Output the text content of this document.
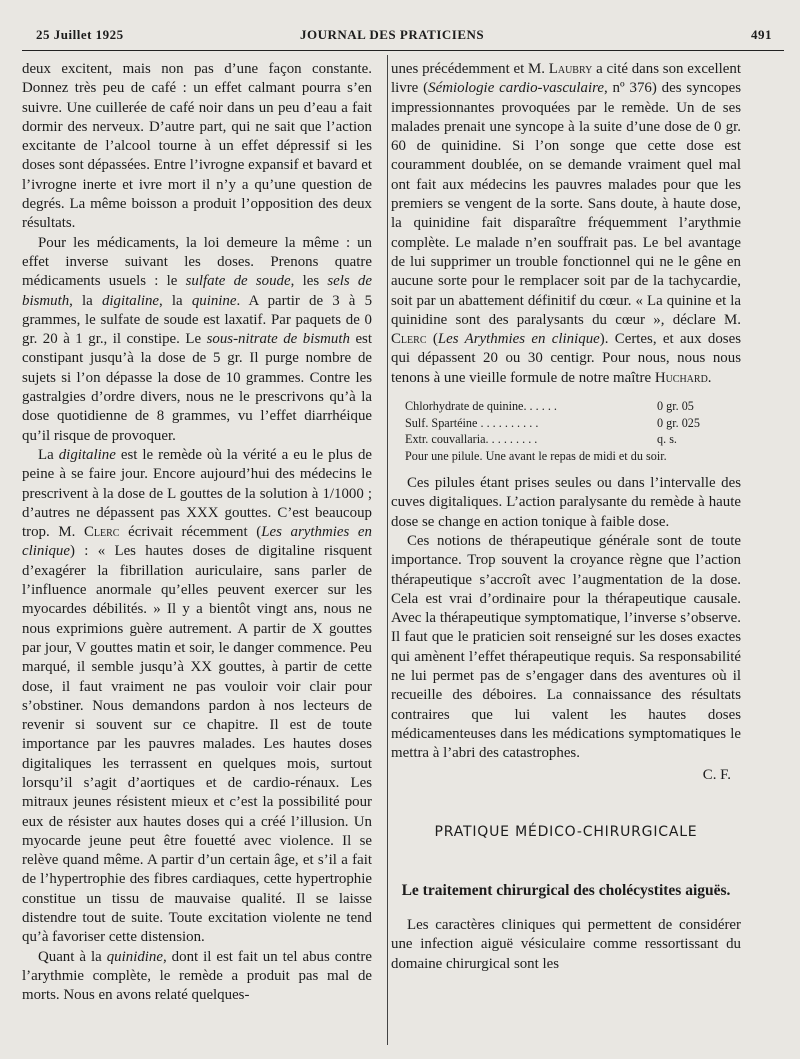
25 Juillet 1925	JOURNAL DES PRATICIENS	491

deux excitent, mais non pas d’une façon constante. Donnez très peu de café : un effet calmant pourra s’en suivre. Une cuillerée de café noir dans un peu d’eau a fait dormir des nerveux. D’autre part, qui ne sait que l’action excitante de l’alcool tourne à un effet dépressif si les doses sont dépassées. Entre l’ivrogne expansif et bavard et l’ivrogne inerte et ivre mort il n’y a qu’une question de degrés. La même boisson a produit l’opposition des deux résultats.

Pour les médicaments, la loi demeure la même : un effet inverse suivant les doses. Prenons quatre médicaments usuels : le sulfate de soude, les sels de bismuth, la digitaline, la quinine. A partir de 3 à 5 grammes, le sulfate de soude est laxatif. Par paquets de 0 gr. 20 à 1 gr., il constipe. Le sous-nitrate de bismuth est constipant jusqu’à la dose de 5 gr. Il purge nombre de sujets si l’on dépasse la dose de 10 grammes. Contre les gastralgies d’ordre divers, nous ne le prescrivons qu’à la dose quotidienne de 8 grammes, vu l’effet diarrhéique qu’il risque de provoquer.

La digitaline est le remède où la vérité a eu le plus de peine à se faire jour. Encore aujourd’hui des médecins le prescrivent à la dose de L gouttes de la solution à 1/1000 ; d’autres ne dépassent pas XXX gouttes. C’est beaucoup trop. M. Clerc écrivait récemment (Les arythmies en clinique) : « Les hautes doses de digitaline risquent d’exagérer la fibrillation auriculaire, sans parler de l’influence anormale qu’elles peuvent exercer sur les myocardes débilités. » Il y a bientôt vingt ans, nous ne nous exprimions guère autrement. A partir de X gouttes par jour, V gouttes matin et soir, le danger commence. Peu marqué, il semble jusqu’à XX gouttes, à partir de cette dose, il faut vraiment ne pas vouloir voir clair pour s’obstiner. Nous demandons pardon à nos lecteurs de revenir si souvent sur ce chapitre. Il est de toute importance par les pauvres malades. Les hautes doses digitaliques les terrassent en quelques mois, surtout lorsqu’il s’agit d’aortiques et de cardio-rénaux. Les mitraux jeunes résistent mieux et c’est la possibilité pour eux de résister aux hautes doses qui a créé l’illusion. Un myocarde jeune peut être fouetté avec violence. Il se relève quand même. A partir d’un certain âge, et s’il a fait de l’hypertrophie des fibres cardiaques, cette hypertrophie constitue un tissu de mauvaise qualité. Il se laisse distendre tout de suite. Toute excitation violente ne tend qu’à favoriser cette distension.

Quant à la quinidine, dont il est fait un tel abus contre l’arythmie complète, le remède a produit pas mal de morts. Nous en avons relaté quelques-

unes précédemment et M. Laubry a cité dans son excellent livre (Sémiologie cardio-vasculaire, nº 376) des syncopes impressionnantes provoquées par le remède. Un de ses malades prenait une syncope à la suite d’une dose de 0 gr. 60 de quinidine. Si l’on songe que cette dose est couramment doublée, on se demande vraiment quel mal ont fait aux médecins les pauvres malades pour que les premiers se vengent de la sorte. Sans doute, à haute dose, la quinidine fait disparaître fréquemment l’arythmie complète. Le malade n’en souffrait pas. Le bel avantage de lui supprimer un trouble fonctionnel qui ne le gêne en aucune sorte pour le remplacer soit par de la tachycardie, soit par un abattement définitif du cœur. « La quinine et la quinidine sont des paralysants du cœur », déclare M. Clerc (Les Arythmies en clinique). Certes, et aux doses qui dépassent 20 ou 30 centigr. Pour nous, nous nous tenons à une vieille formule de notre maître Huchard.

Chlorhydrate de quinine. . . . . .	0 gr. 05
Sulf. Spartéine . . . . . . . . . .	0 gr. 025
Extr. couvallaria. . . . . . . . .	q. s.
Pour une pilule. Une avant le repas de midi et du soir.

Ces pilules étant prises seules ou dans l’intervalle des cuves digitaliques. L’action paralysante du remède à haute dose se change en action tonique à faible dose.

Ces notions de thérapeutique générale sont de toute importance. Trop souvent la croyance règne que l’action thérapeutique s’accroît avec l’augmentation de la dose. Cela est vrai d’ordinaire pour la thérapeutique causale. Avec la thérapeutique symptomatique, l’inverse s’observe. Il faut que le praticien soit renseigné sur les doses exactes qui amènent l’effet thérapeutique requis. Sa responsabilité ne lui permet pas de s’engager dans des aventures où il recueille des déboires. La connaissance des résultats contraires que lui valent les hautes doses médicamenteuses dans les médications symptomatiques le mettra à l’abri des catastrophes.

C. F.
PRATIQUE MÉDICO-CHIRURGICALE
Le traitement chirurgical des cholécystites aiguës.

Les caractères cliniques qui permettent de considérer une infection aiguë vésiculaire comme ressortissant du domaine chirurgical sont les
